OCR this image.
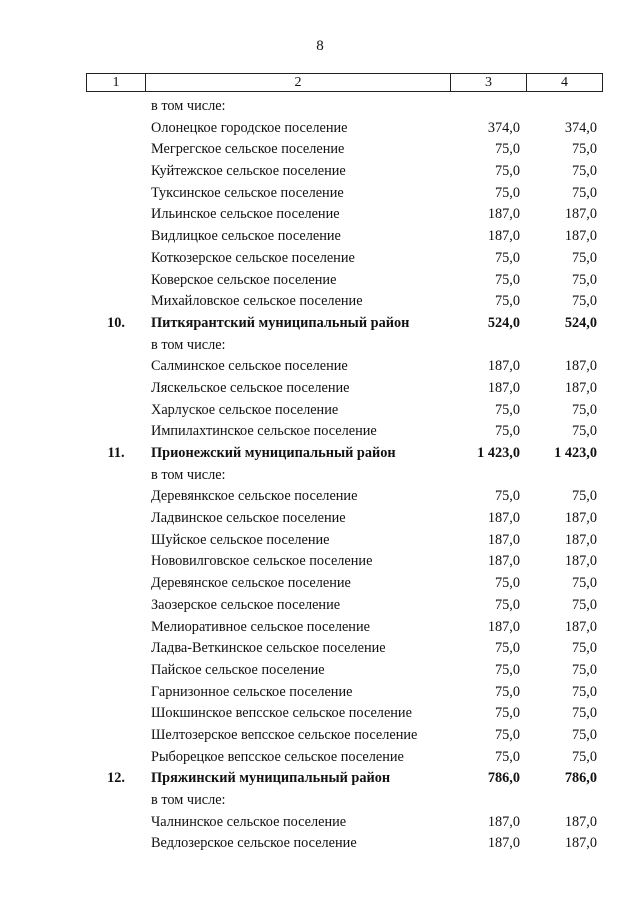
8
1	2	3	4
в том числе:
Олонецкое городское поселение	374,0	374,0
Мегрегское сельское поселение	75,0	75,0
Куйтежское сельское поселение	75,0	75,0
Туксинское сельское поселение	75,0	75,0
Ильинское сельское поселение	187,0	187,0
Видлицкое сельское поселение	187,0	187,0
Коткозерское сельское поселение	75,0	75,0
Коверское сельское поселение	75,0	75,0
Михайловское сельское поселение	75,0	75,0
10.	Питкярантский муниципальный район	524,0	524,0
в том числе:
Салминское сельское поселение	187,0	187,0
Ляскельское сельское поселение	187,0	187,0
Харлуское сельское поселение	75,0	75,0
Импилахтинское сельское поселение	75,0	75,0
11.	Прионежский муниципальный район	1 423,0	1 423,0
в том числе:
Деревянкское сельское поселение	75,0	75,0
Ладвинское сельское поселение	187,0	187,0
Шуйское сельское поселение	187,0	187,0
Нововилговское сельское поселение	187,0	187,0
Деревянское сельское поселение	75,0	75,0
Заозерское сельское поселение	75,0	75,0
Мелиоративное сельское поселение	187,0	187,0
Ладва-Веткинское сельское поселение	75,0	75,0
Пайское сельское поселение	75,0	75,0
Гарнизонное сельское поселение	75,0	75,0
Шокшинское вепсское сельское поселение	75,0	75,0
Шелтозерское вепсское сельское поселение	75,0	75,0
Рыборецкое вепсское сельское поселение	75,0	75,0
12.	Пряжинский муниципальный район	786,0	786,0
в том числе:
Чалнинское сельское поселение	187,0	187,0
Ведлозерское сельское поселение	187,0	187,0
